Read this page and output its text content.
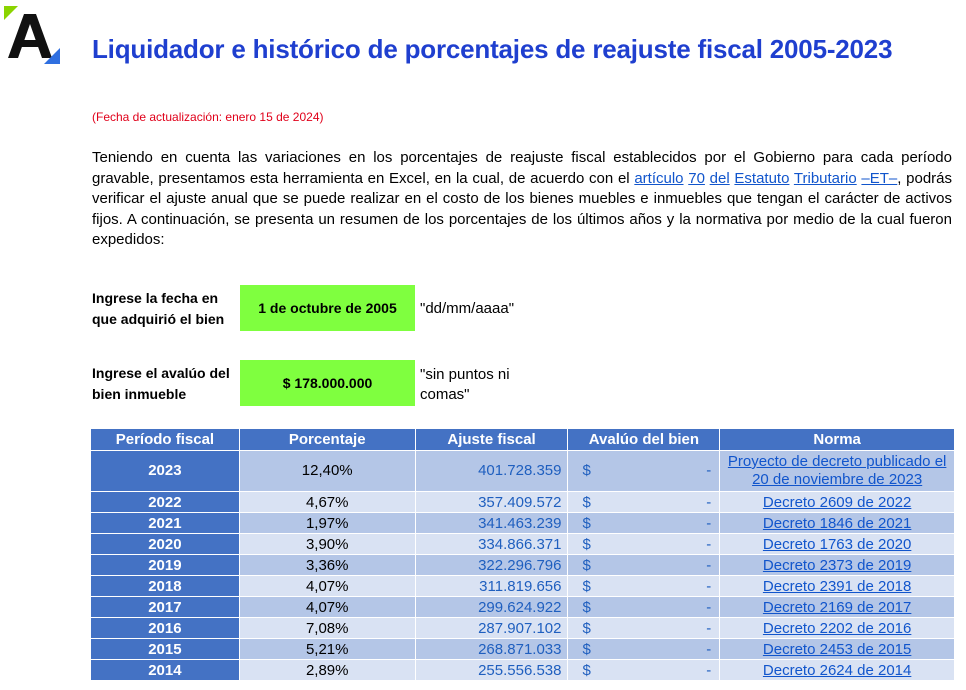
Liquidador e histórico de porcentajes de reajuste fiscal 2005-2023
(Fecha de actualización: enero 15 de 2024)
Teniendo en cuenta las variaciones en los porcentajes de reajuste fiscal establecidos por el Gobierno para cada período gravable, presentamos esta herramienta en Excel, en la cual, de acuerdo con el artículo 70 del Estatuto Tributario –ET–, podrás verificar el ajuste anual que se puede realizar en el costo de los bienes muebles e inmuebles que tengan el carácter de activos fijos. A continuación, se presenta un resumen de los porcentajes de los últimos años y la normativa por medio de la cual fueron expedidos:
Ingrese la fecha en que adquirió el bien
1 de octubre de 2005	"dd/mm/aaaa"
Ingrese el avalúo del bien inmueble
$ 178.000.000	"sin puntos ni comas"
Período fiscal	Porcentaje	Ajuste fiscal	Avalúo del bien	Norma
2023	12,40%	401.728.359	$ -	Proyecto de decreto publicado el 20 de noviembre de 2023
2022	4,67%	357.409.572	$ -	Decreto 2609 de 2022
2021	1,97%	341.463.239	$ -	Decreto 1846 de 2021
2020	3,90%	334.866.371	$ -	Decreto 1763 de 2020
2019	3,36%	322.296.796	$ -	Decreto 2373 de 2019
2018	4,07%	311.819.656	$ -	Decreto 2391 de 2018
2017	4,07%	299.624.922	$ -	Decreto 2169 de 2017
2016	7,08%	287.907.102	$ -	Decreto 2202 de 2016
2015	5,21%	268.871.033	$ -	Decreto 2453 de 2015
2014	2,89%	255.556.538	$ -	Decreto 2624 de 2014
